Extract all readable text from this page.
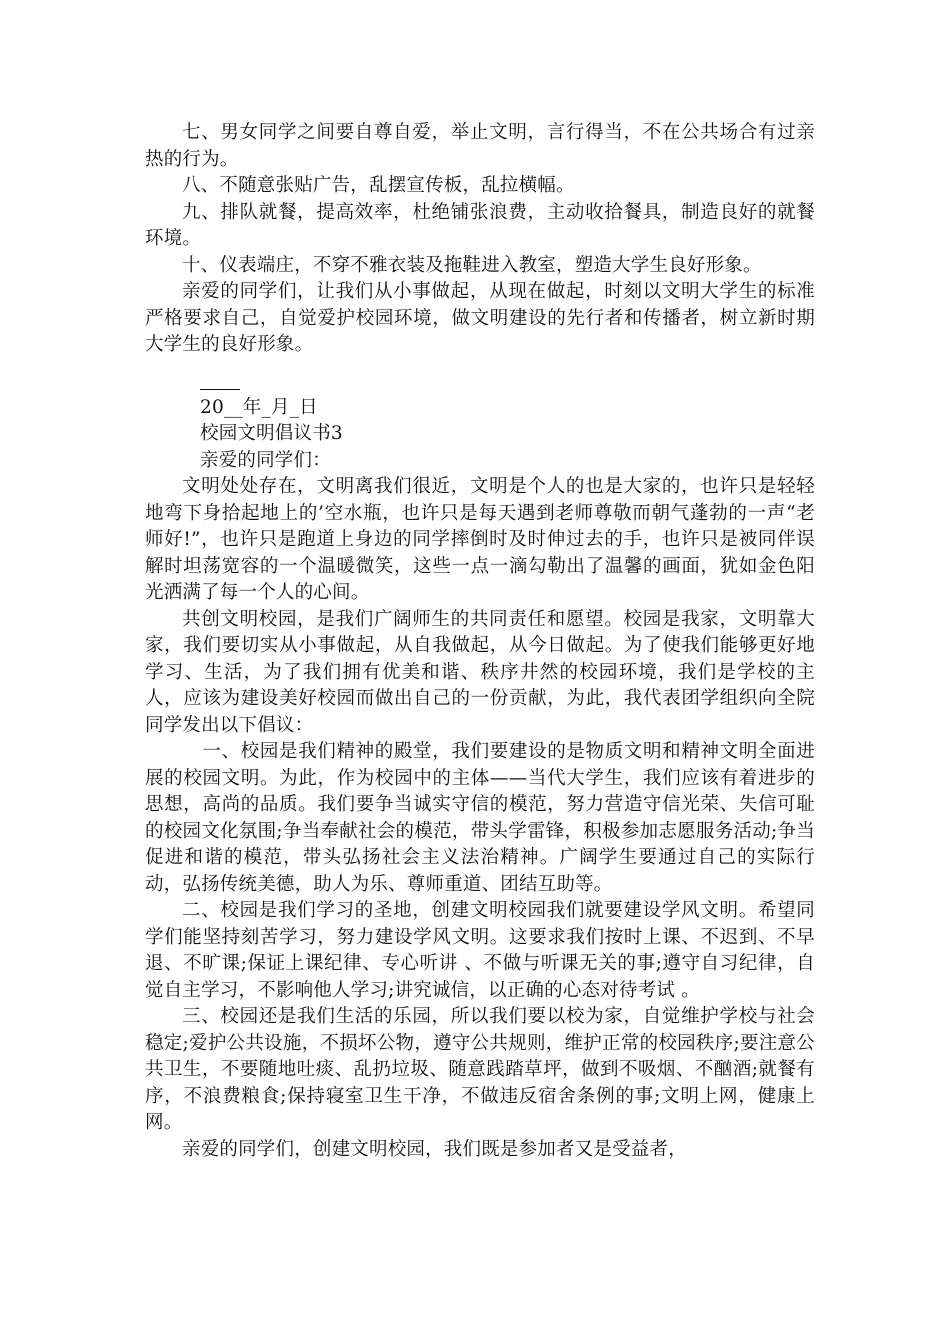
七、男女同学之间要自尊自爱，举止文明，言行得当，不在公共场合有过亲热的行为。

八、不随意张贴广告，乱摆宣传板，乱拉横幅。

九、排队就餐，提高效率，杜绝铺张浪费，主动收拾餐具，制造良好的就餐环境。

十、仪表端庄，不穿不雅衣装及拖鞋进入教室，塑造大学生良好形象。

亲爱的同学们，让我们从小事做起，从现在做起，时刻以文明大学生的标准严格要求自己，自觉爱护校园环境，做文明建设的先行者和传播者，树立新时期大学生的良好形象。

20__年_月_日

校园文明倡议书3

亲爱的同学们：

文明处处存在，文明离我们很近，文明是个人的也是大家的，也许只是轻轻地弯下身拾起地上的’空水瓶，也许只是每天遇到老师尊敬而朝气蓬勃的一声“老师好!”，也许只是跑道上身边的同学摔倒时及时伸过去的手，也许只是被同伴误解时坦荡宽容的一个温暖微笑，这些一点一滴勾勒出了温馨的画面，犹如金色阳光洒满了每一个人的心间。

共创文明校园，是我们广阔师生的共同责任和愿望。校园是我家，文明靠大家，我们要切实从小事做起，从自我做起，从今日做起。为了使我们能够更好地学习、生活，为了我们拥有优美和谐、秩序井然的校园环境，我们是学校的主人，应该为建设美好校园而做出自己的一份贡献，为此，我代表团学组织向全院同学发出以下倡议：

一、校园是我们精神的殿堂，我们要建设的是物质文明和精神文明全面进展的校园文明。为此，作为校园中的主体——当代大学生，我们应该有着进步的思想，高尚的品质。我们要争当诚实守信的模范，努力营造守信光荣、失信可耻的校园文化氛围;争当奉献社会的模范，带头学雷锋，积极参加志愿服务活动;争当促进和谐的模范，带头弘扬社会主义法治精神。广阔学生要通过自己的实际行动，弘扬传统美德，助人为乐、尊师重道、团结互助等。

二、校园是我们学习的圣地，创建文明校园我们就要建设学风文明。希望同学们能坚持刻苦学习，努力建设学风文明。这要求我们按时上课、不迟到、不早退、不旷课;保证上课纪律、专心听讲 、不做与听课无关的事;遵守自习纪律，自觉自主学习，不影响他人学习;讲究诚信，以正确的心态对待考试 。

三、校园还是我们生活的乐园，所以我们要以校为家，自觉维护学校与社会稳定;爱护公共设施，不损坏公物，遵守公共规则，维护正常的校园秩序;要注意公共卫生，不要随地吐痰、乱扔垃圾、随意践踏草坪，做到不吸烟、不酗酒;就餐有序，不浪费粮食;保持寝室卫生干净，不做违反宿舍条例的事;文明上网，健康上网。

亲爱的同学们，创建文明校园，我们既是参加者又是受益者，
